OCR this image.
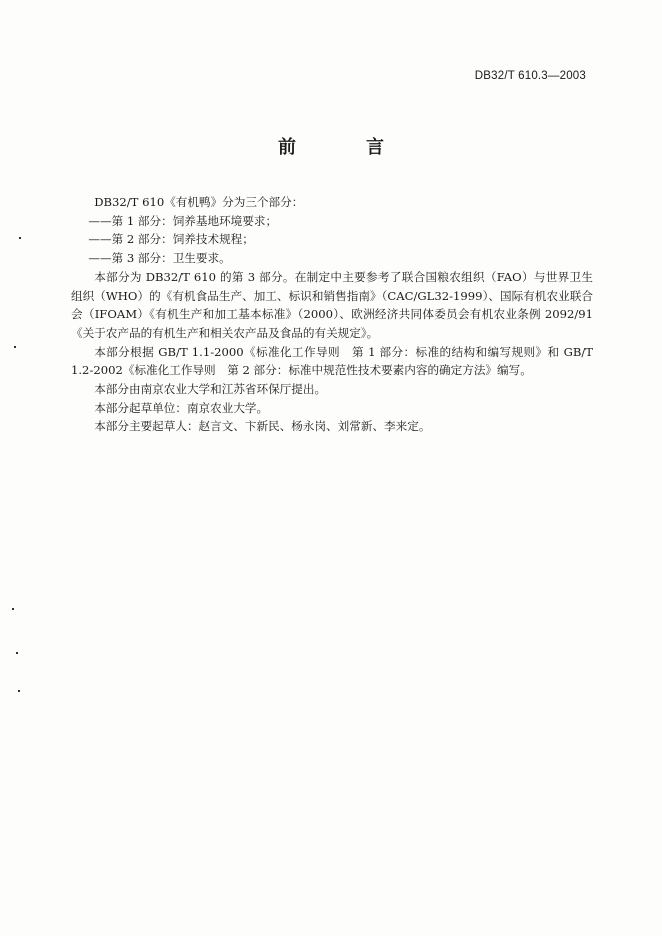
DB32/T 610.3—2003
前　言

DB32/T 610《有机鸭》分为三个部分：

——第 1 部分：饲养基地环境要求；

——第 2 部分：饲养技术规程；

——第 3 部分：卫生要求。

本部分为 DB32/T 610 的第 3 部分。在制定中主要参考了联合国粮农组织（FAO）与世界卫生组织（WHO）的《有机食品生产、加工、标识和销售指南》（CAC/GL32-1999）、国际有机农业联合会（IFOAM）《有机生产和加工基本标准》（2000）、欧洲经济共同体委员会有机农业条例 2092/91《关于农产品的有机生产和相关农产品及食品的有关规定》。

本部分根据 GB/T 1.1-2000《标准化工作导则　第 1 部分：标准的结构和编写规则》和 GB/T 1.2-2002《标准化工作导则　第 2 部分：标准中规范性技术要素内容的确定方法》编写。

本部分由南京农业大学和江苏省环保厅提出。

本部分起草单位：南京农业大学。

本部分主要起草人：赵言文、卞新民、杨永岗、刘常新、李来定。
